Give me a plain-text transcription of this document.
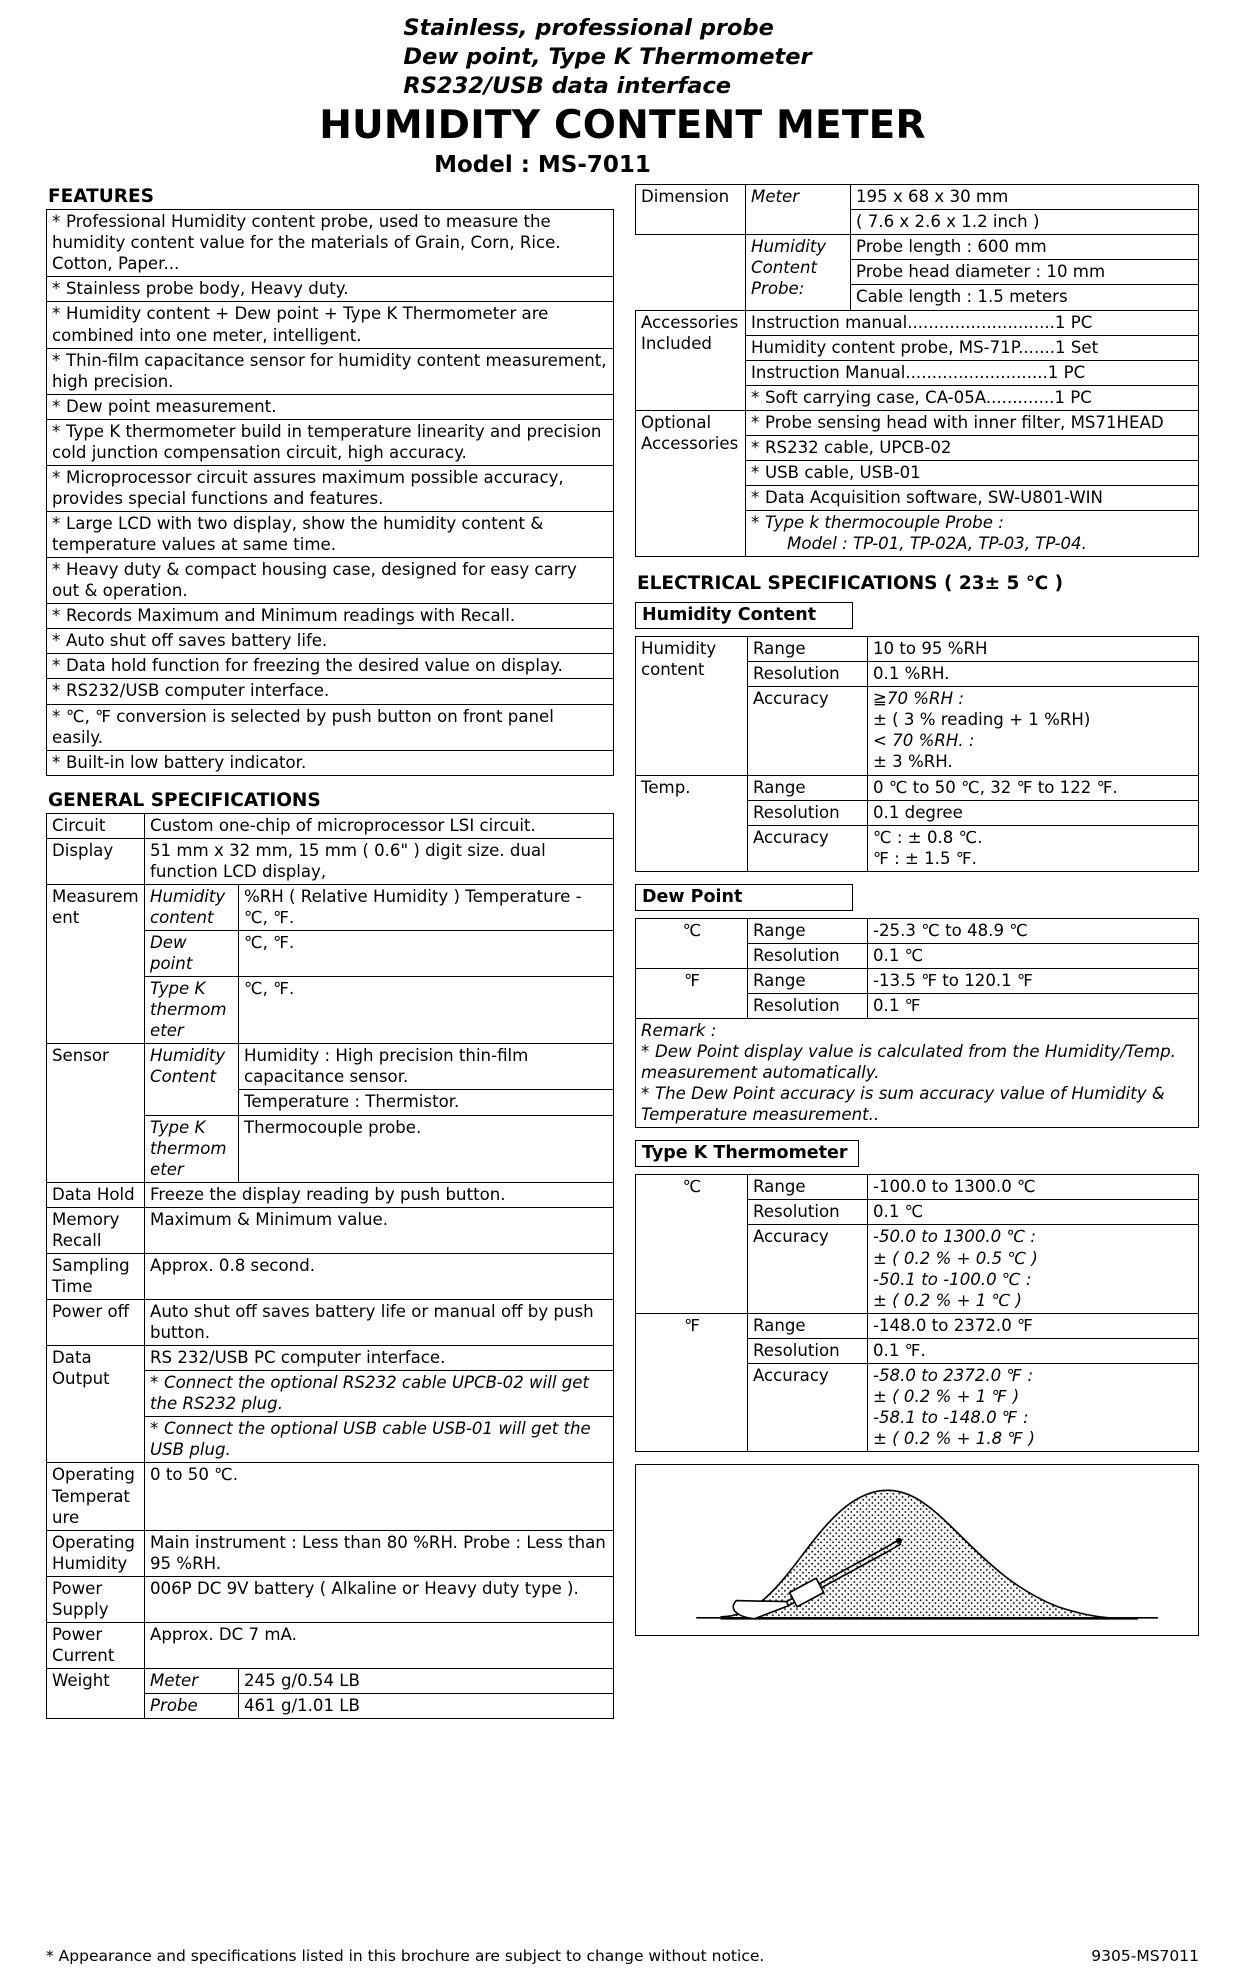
Stainless, professional probe
Dew point, Type K Thermometer
RS232/USB data interface
HUMIDITY CONTENT METER
Model : MS-7011
FEATURES
* Professional Humidity content probe, used to measure the humidity content value for the materials of Grain, Corn, Rice. Cotton, Paper...
* Stainless probe body, Heavy duty.
* Humidity content + Dew point + Type K Thermometer are combined into one meter, intelligent.
* Thin-film capacitance sensor for humidity content measurement, high precision.
* Dew point measurement.
* Type K thermometer build in temperature linearity and precision cold junction compensation circuit, high accuracy.
* Microprocessor circuit assures maximum possible accuracy, provides special functions and features.
* Large LCD with two display, show the humidity content & temperature values at same time.
* Heavy duty & compact housing case, designed for easy carry out & operation.
* Records Maximum and Minimum readings with Recall.
* Auto shut off saves battery life.
* Data hold function for freezing the desired value on display.
* RS232/USB computer interface.
* ℃, ℉ conversion is selected by push button on front panel easily.
* Built-in low battery indicator.
GENERAL SPECIFICATIONS
Circuit	Custom one-chip of microprocessor LSI circuit.	
Display	51 mm x 32 mm, 15 mm ( 0.6" ) digit size. dual function LCD display,	
Measurement	Humidity content	%RH ( Relative Humidity ) Temperature - ℃, ℉.
	Dew point	℃, ℉.
	Type K thermometer	℃, ℉.
Sensor	Humidity Content	Humidity : High precision thin-film capacitance sensor.
		Temperature : Thermistor.
	Type K thermometer	Thermocouple probe.
Data Hold	Freeze the display reading by push button.	
Memory Recall	Maximum & Minimum value.	
Sampling Time	Approx. 0.8 second.	
Power off	Auto shut off saves battery life or manual off by push button.	
Data Output	RS 232/USB PC computer interface.	
	* Connect the optional RS232 cable UPCB-02 will get the RS232 plug.	
	* Connect the optional USB cable USB-01 will get the USB plug.	
Operating Temperature	0 to 50 ℃.	
Operating Humidity	Main instrument : Less than 80 %RH. Probe : Less than 95 %RH.	
Power Supply	006P DC 9V battery ( Alkaline or Heavy duty type ).	
Power Current	Approx. DC 7 mA.	
Weight	Meter	245 g/0.54 LB
	Probe	461 g/1.01 LB
Dimension	Meter	195 x 68 x 30 mm
		( 7.6 x 2.6 x 1.2 inch )
	Humidity Content Probe:	Probe length : 600 mm
		Probe head diameter : 10 mm
		Cable length : 1.5 meters
Accessories Included	Instruction manual............................1 PC	
	Humidity content probe, MS-71P.......1 Set	
	Instruction Manual...........................1 PC	
	* Soft carrying case, CA-05A.............1 PC	
Optional Accessories	* Probe sensing head with inner filter, MS71HEAD	
	* RS232 cable, UPCB-02	
	* USB cable, USB-01	
	* Data Acquisition software, SW-U801-WIN	
	* Type k thermocouple Probe :
Model : TP-01, TP-02A, TP-03, TP-04.	
ELECTRICAL SPECIFICATIONS ( 23± 5 ℃ )
Humidity Content
Humidity content	Range	10 to 95 %RH
	Resolution	0.1 %RH.
	Accuracy	≧70 %RH :
± ( 3 % reading + 1 %RH)
< 70 %RH. :
± 3 %RH.
Temp.	Range	0 ℃ to 50 ℃, 32 ℉ to 122 ℉.
	Resolution	0.1 degree
	Accuracy	℃ : ± 0.8 ℃.
℉ : ± 1.5 ℉.
Dew Point
℃	Range	-25.3 ℃ to 48.9 ℃
	Resolution	0.1 ℃
℉	Range	-13.5 ℉ to 120.1 ℉
	Resolution	0.1 ℉
Remark :
* Dew Point display value is calculated from the Humidity/Temp. measurement automatically.
* The Dew Point accuracy is sum accuracy value of Humidity & Temperature measurement..		
Type K Thermometer
℃	Range	-100.0 to 1300.0 ℃
	Resolution	0.1 ℃
	Accuracy	-50.0 to 1300.0 ℃ :
± ( 0.2 % + 0.5 ℃ )
-50.1 to -100.0 ℃ :
± ( 0.2 % + 1 ℃ )
℉	Range	-148.0 to 2372.0 ℉
	Resolution	0.1 ℉.
	Accuracy	-58.0 to 2372.0 ℉ :
± ( 0.2 % + 1 ℉ )
-58.1 to -148.0 ℉ :
± ( 0.2 % + 1.8 ℉ )
* Appearance and specifications listed in this brochure are subject to change without notice.	9305-MS7011
